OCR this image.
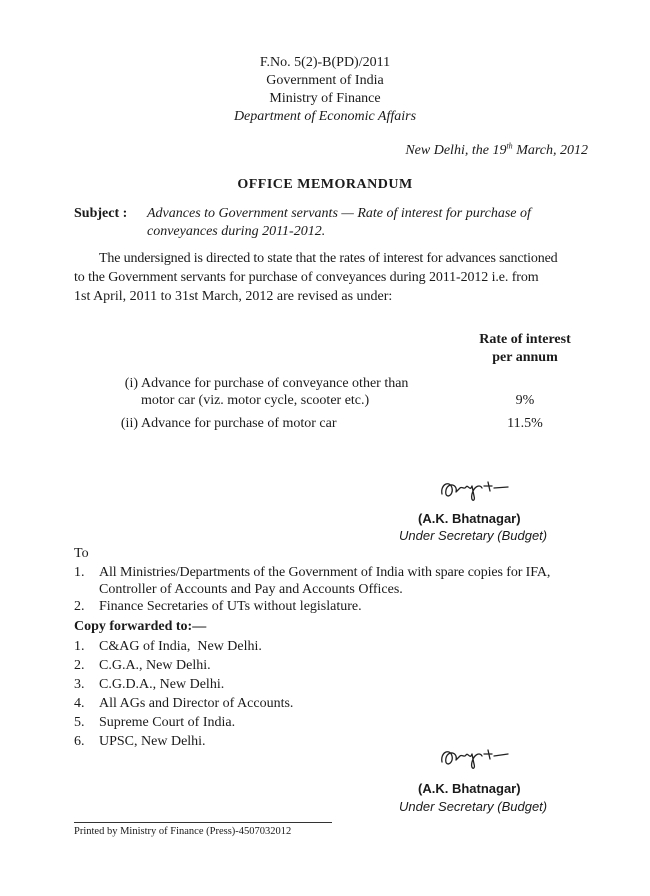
F.No. 5(2)-B(PD)/2011
Government of India
Ministry of Finance
Department of Economic Affairs
New Delhi, the 19th March, 2012
OFFICE MEMORANDUM
Subject : Advances to Government servants — Rate of interest for purchase of
conveyances during 2011-2012.
The undersigned is directed to state that the rates of interest for advances sanctioned
to the Government servants for purchase of conveyances during 2011-2012 i.e. from
1st April, 2011 to 31st March, 2012 are revised as under:
Rate of interest
per annum
(i) Advance for purchase of conveyance other than
motor car (viz. motor cycle, scooter etc.)	9%
(ii) Advance for purchase of motor car	11.5%
(A.K. Bhatnagar)
Under Secretary (Budget)
To
1. All Ministries/Departments of the Government of India with spare copies for IFA,
Controller of Accounts and Pay and Accounts Offices.
2. Finance Secretaries of UTs without legislature.
Copy forwarded to:—
1. C&AG of India,  New Delhi.
2. C.G.A., New Delhi.
3. C.G.D.A., New Delhi.
4. All AGs and Director of Accounts.
5. Supreme Court of India.
6. UPSC, New Delhi.
(A.K. Bhatnagar)
Under Secretary (Budget)
Printed by Ministry of Finance (Press)-4507032012
